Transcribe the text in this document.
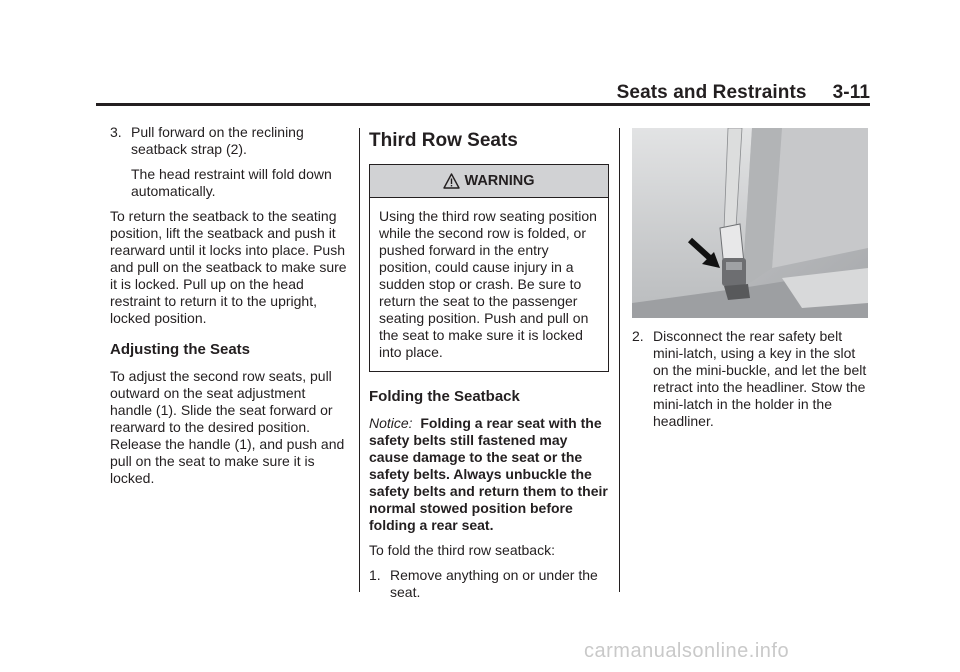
Seats and Restraints 3-11
3. Pull forward on the reclining seatback strap (2).

The head restraint will fold down automatically.

To return the seatback to the seating position, lift the seatback and push it rearward until it locks into place. Push and pull on the seatback to make sure it is locked. Pull up on the head restraint to return it to the upright, locked position.

Adjusting the Seats

To adjust the second row seats, pull outward on the seat adjustment handle (1). Slide the seat forward or rearward to the desired position. Release the handle (1), and push and pull on the seat to make sure it is locked.

Third Row Seats
WARNING
Using the third row seating position while the second row is folded, or pushed forward in the entry position, could cause injury in a sudden stop or crash. Be sure to return the seat to the passenger seating position. Push and pull on the seat to make sure it is locked into place.
Folding the Seatback

Notice: Folding a rear seat with the safety belts still fastened may cause damage to the seat or the safety belts. Always unbuckle the safety belts and return them to their normal stowed position before folding a rear seat.

To fold the third row seatback:

1. Remove anything on or under the seat.
2. Disconnect the rear safety belt mini-latch, using a key in the slot on the mini-buckle, and let the belt retract into the headliner. Stow the mini-latch in the holder in the headliner.
carmanualsonline.info
